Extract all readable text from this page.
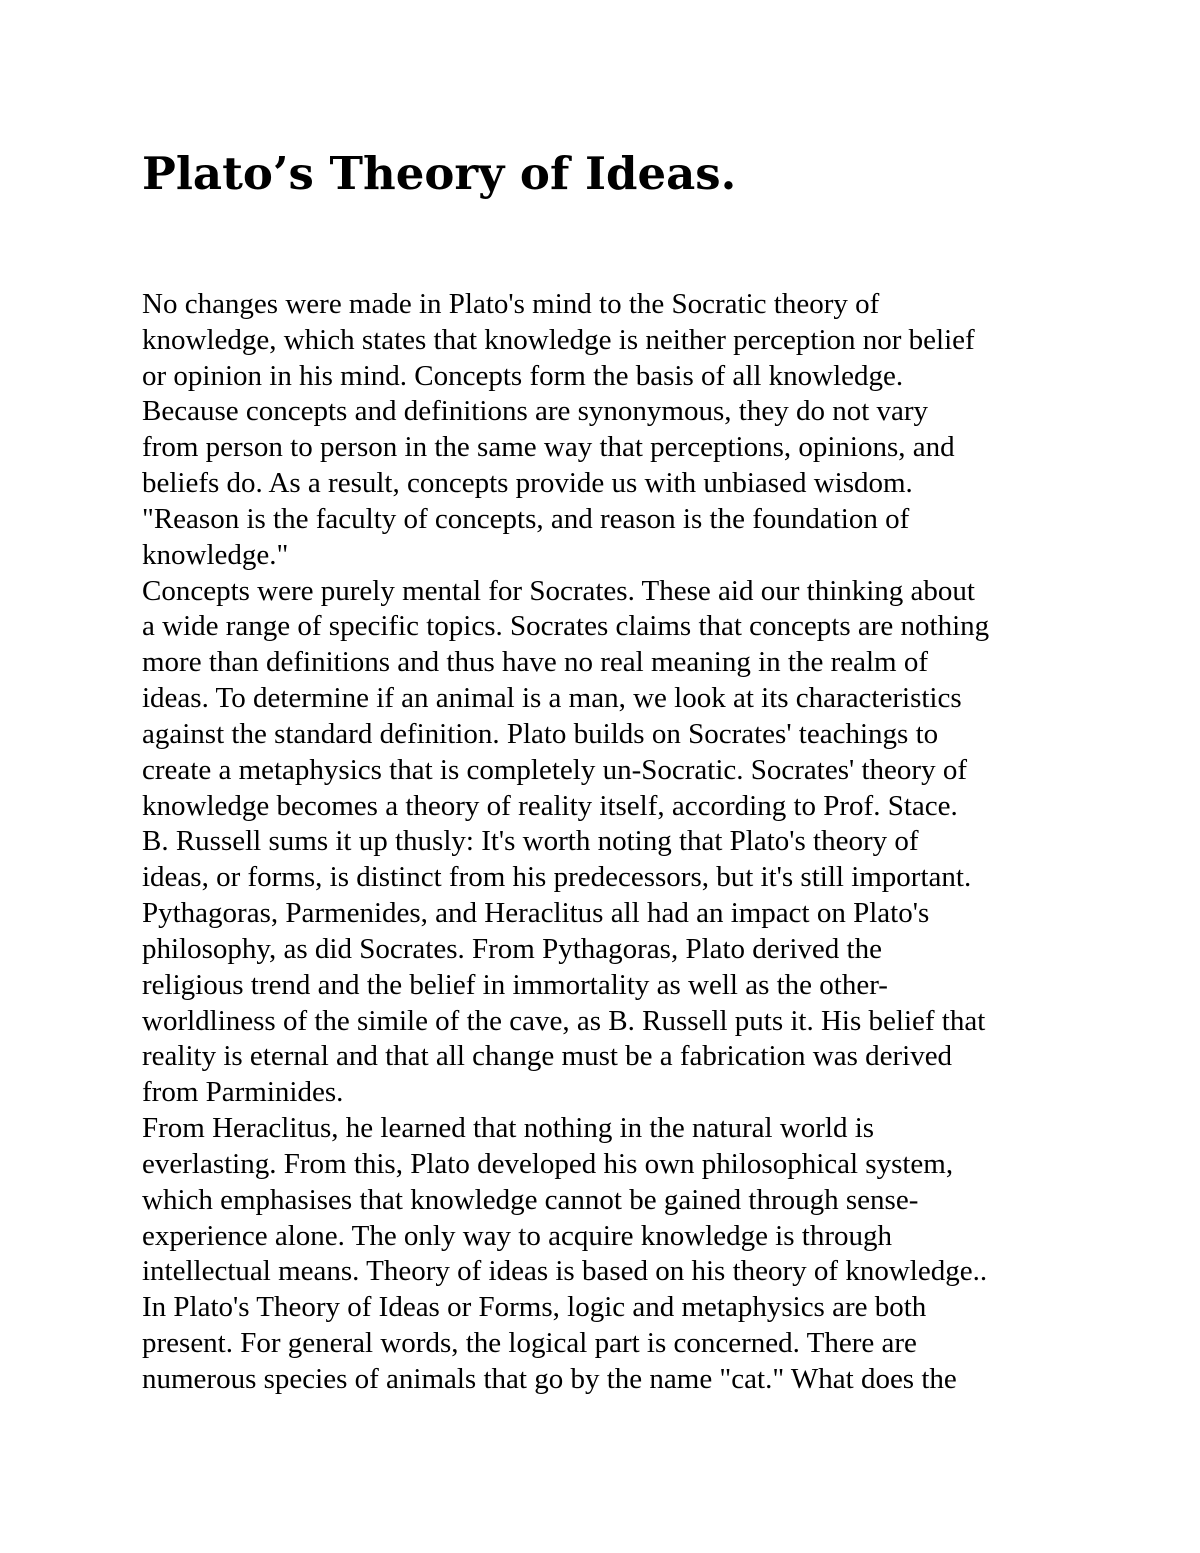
Plato’s Theory of Ideas.
No changes were made in Plato's mind to the Socratic theory of
knowledge, which states that knowledge is neither perception nor belief
or opinion in his mind. Concepts form the basis of all knowledge.
Because concepts and definitions are synonymous, they do not vary
from person to person in the same way that perceptions, opinions, and
beliefs do. As a result, concepts provide us with unbiased wisdom.
"Reason is the faculty of concepts, and reason is the foundation of
knowledge."
Concepts were purely mental for Socrates. These aid our thinking about
a wide range of specific topics. Socrates claims that concepts are nothing
more than definitions and thus have no real meaning in the realm of
ideas. To determine if an animal is a man, we look at its characteristics
against the standard definition. Plato builds on Socrates' teachings to
create a metaphysics that is completely un-Socratic. Socrates' theory of
knowledge becomes a theory of reality itself, according to Prof. Stace.
B. Russell sums it up thusly: It's worth noting that Plato's theory of
ideas, or forms, is distinct from his predecessors, but it's still important.
Pythagoras, Parmenides, and Heraclitus all had an impact on Plato's
philosophy, as did Socrates. From Pythagoras, Plato derived the
religious trend and the belief in immortality as well as the other-
worldliness of the simile of the cave, as B. Russell puts it. His belief that
reality is eternal and that all change must be a fabrication was derived
from Parminides.
From Heraclitus, he learned that nothing in the natural world is
everlasting. From this, Plato developed his own philosophical system,
which emphasises that knowledge cannot be gained through sense-
experience alone. The only way to acquire knowledge is through
intellectual means. Theory of ideas is based on his theory of knowledge..
In Plato's Theory of Ideas or Forms, logic and metaphysics are both
present. For general words, the logical part is concerned. There are
numerous species of animals that go by the name "cat." What does the
